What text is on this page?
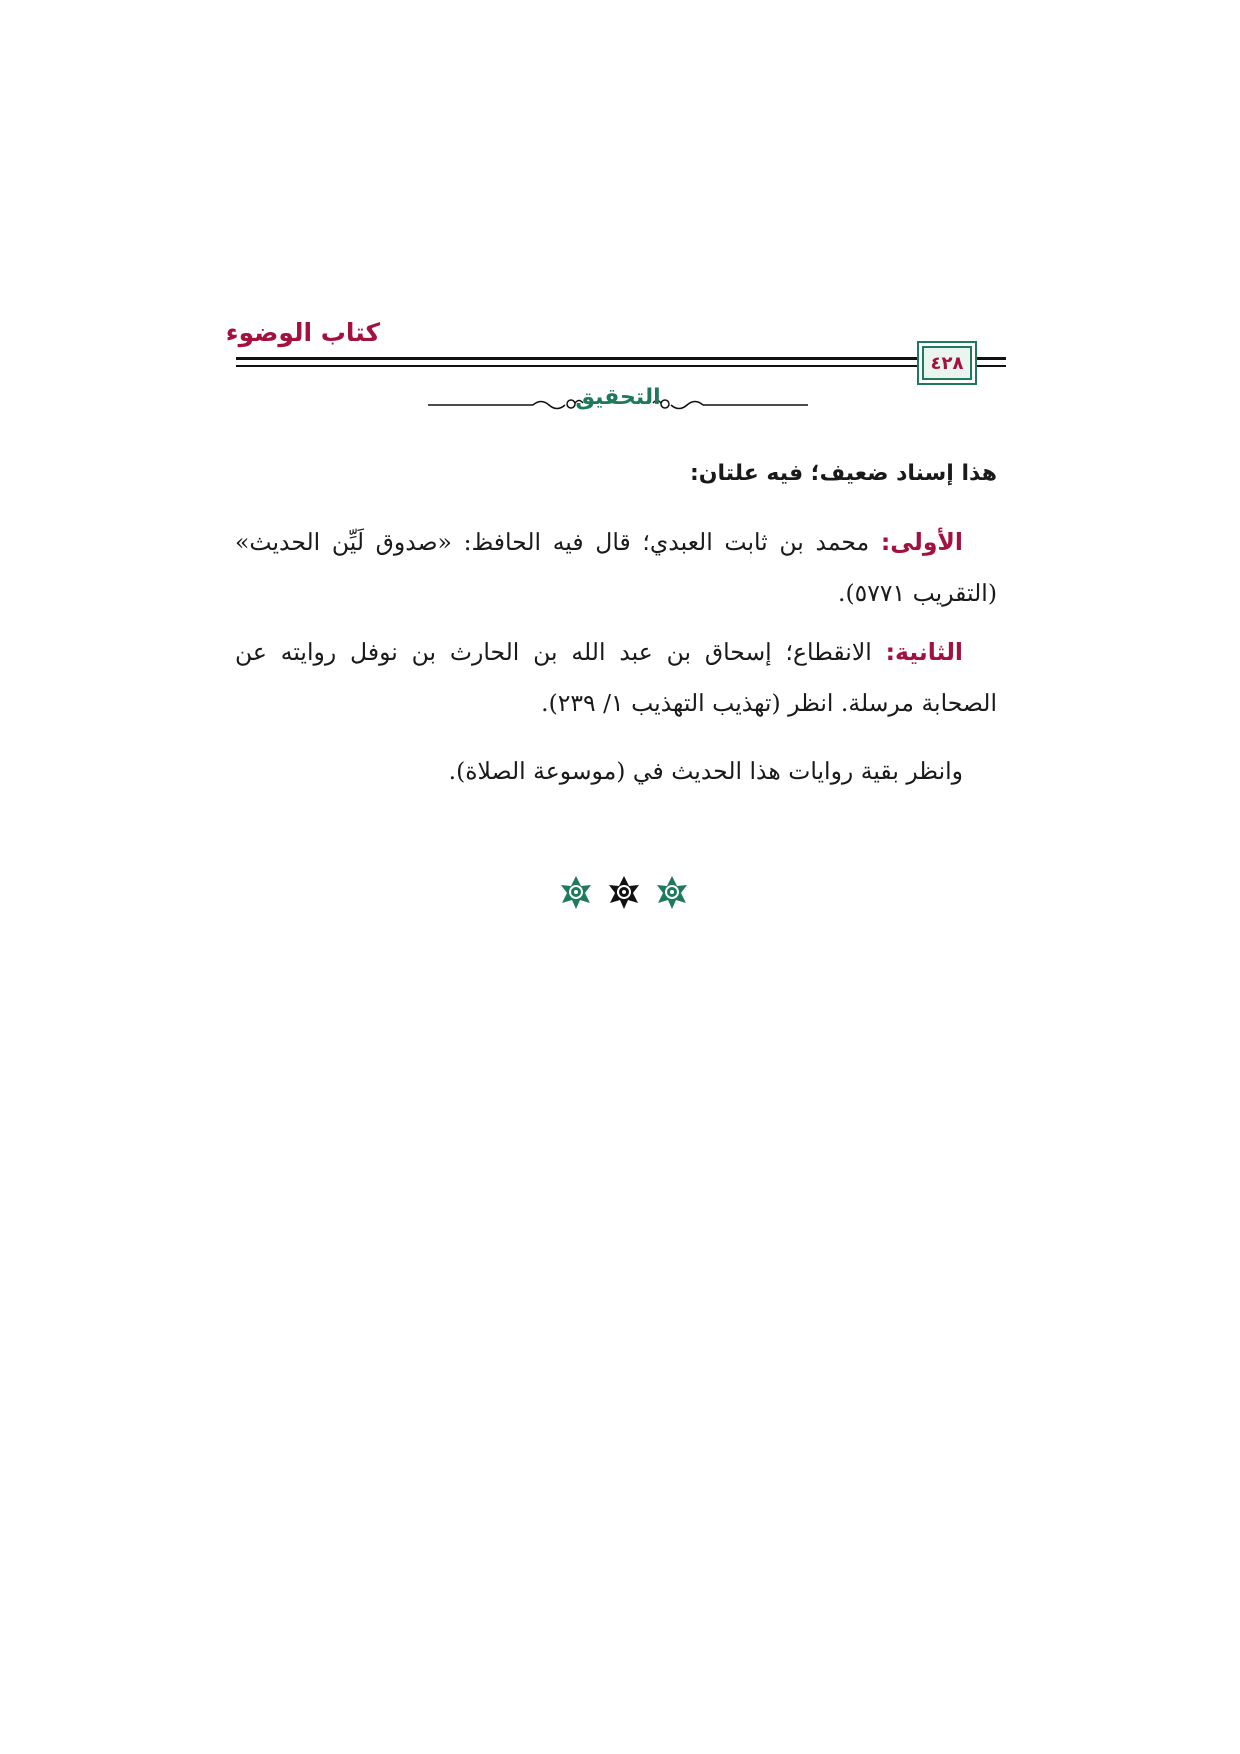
كتاب الوضوء
٤٢٨
التحقيق
هذا إسناد ضعيف؛ فيه علتان:
الأولى: محمد بن ثابت العبدي؛ قال فيه الحافظ: «صدوق لَيِّن الحديث» (التقريب ٥٧٧١).
الثانية: الانقطاع؛ إسحاق بن عبد الله بن الحارث بن نوفل روايته عن الصحابة مرسلة. انظر (تهذيب التهذيب ١/ ٢٣٩).
وانظر بقية روايات هذا الحديث في (موسوعة الصلاة).
